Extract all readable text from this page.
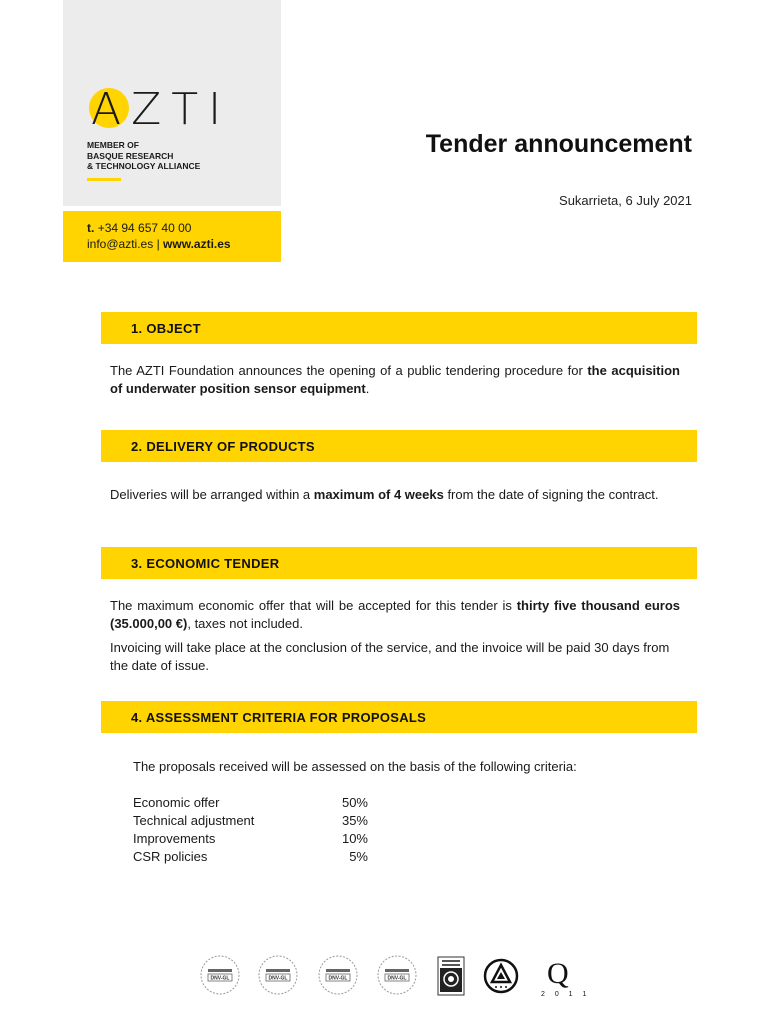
AZTI
MEMBER OF
BASQUE RESEARCH
& TECHNOLOGY ALLIANCE
t. +34 94 657 40 00
info@azti.es | www.azti.es
Tender announcement
Sukarrieta, 6 July 2021
1. OBJECT
The AZTI Foundation announces the opening of a public tendering procedure for the acquisition of underwater position sensor equipment.
2. DELIVERY OF PRODUCTS
Deliveries will be arranged within a maximum of 4 weeks from the date of signing the contract.
3. ECONOMIC TENDER
The maximum economic offer that will be accepted for this tender is thirty five thousand euros (35.000,00 €), taxes not included.
Invoicing will take place at the conclusion of the service, and the invoice will be paid 30 days from the date of issue.
4. ASSESSMENT CRITERIA FOR PROPOSALS
The proposals received will be assessed on the basis of the following criteria:
Economic offer	50%
Technical adjustment	35%
Improvements	10%
CSR policies	5%
DNV-GL	DNV-GL	DNV-GL	DNV-GL	Q
2 0 1 1
